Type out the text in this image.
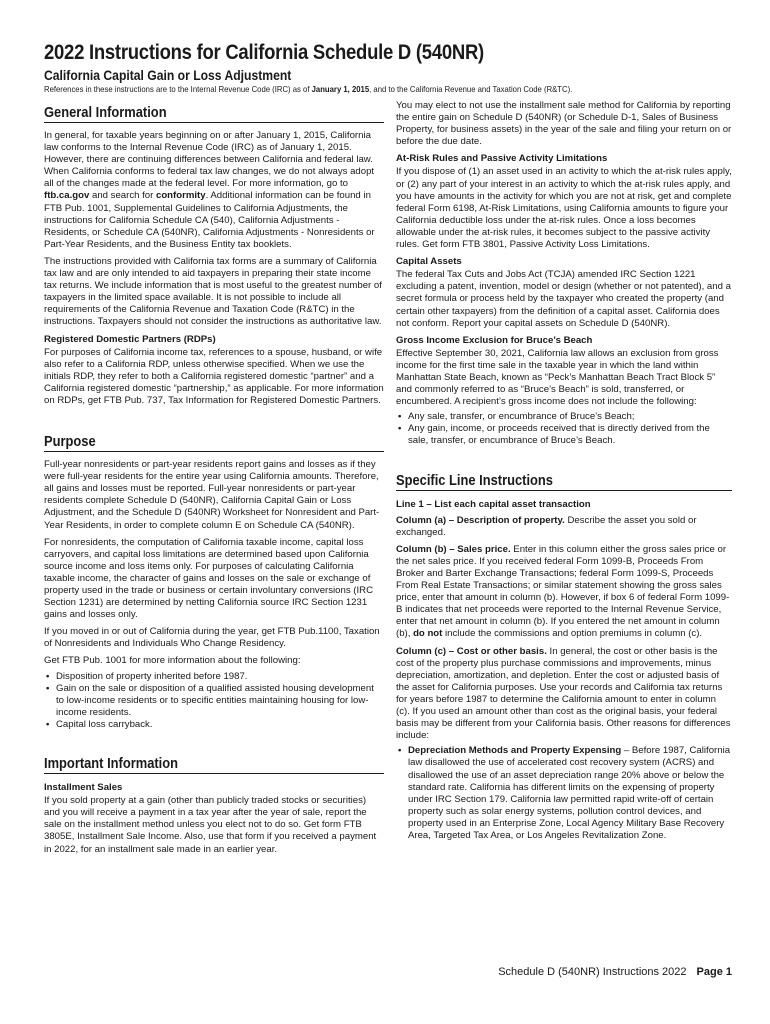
2022 Instructions for California Schedule D (540NR)
California Capital Gain or Loss Adjustment
References in these instructions are to the Internal Revenue Code (IRC) as of January 1, 2015, and to the California Revenue and Taxation Code (R&TC).
General Information

In general, for taxable years beginning on or after January 1, 2015, California law conforms to the Internal Revenue Code (IRC) as of January 1, 2015. However, there are continuing differences between California and federal law. When California conforms to federal tax law changes, we do not always adopt all of the changes made at the federal level. For more information, go to ftb.ca.gov and search for conformity. Additional information can be found in FTB Pub. 1001, Supplemental Guidelines to California Adjustments, the instructions for California Schedule CA (540), California Adjustments - Residents, or Schedule CA (540NR), California Adjustments - Nonresidents or Part-Year Residents, and the Business Entity tax booklets.

The instructions provided with California tax forms are a summary of California tax law and are only intended to aid taxpayers in preparing their state income tax returns. We include information that is most useful to the greatest number of taxpayers in the limited space available. It is not possible to include all requirements of the California Revenue and Taxation Code (R&TC) in the instructions. Taxpayers should not consider the instructions as authoritative law.

Registered Domestic Partners (RDPs)

For purposes of California income tax, references to a spouse, husband, or wife also refer to a California RDP, unless otherwise specified. When we use the initials RDP, they refer to both a California registered domestic “partner” and a California registered domestic “partnership,” as applicable. For more information on RDPs, get FTB Pub. 737, Tax Information for Registered Domestic Partners.

Purpose

Full-year nonresidents or part-year residents report gains and losses as if they were full-year residents for the entire year using California amounts. Therefore, all gains and losses must be reported. Full-year nonresidents or part-year residents complete Schedule D (540NR), California Capital Gain or Loss Adjustment, and the Schedule D (540NR) Worksheet for Nonresident and Part-Year Residents, in order to complete column E on Schedule CA (540NR).

For nonresidents, the computation of California taxable income, capital loss carryovers, and capital loss limitations are determined based upon California source income and loss items only. For purposes of calculating California taxable income, the character of gains and losses on the sale or exchange of property used in the trade or business or certain involuntary conversions (IRC Section 1231) are determined by netting California source IRC Section 1231 gains and losses only.

If you moved in or out of California during the year, get FTB Pub.1100, Taxation of Nonresidents and Individuals Who Change Residency.

Get FTB Pub. 1001 for more information about the following:

• Disposition of property inherited before 1987.
• Gain on the sale or disposition of a qualified assisted housing development to low-income residents or to specific entities maintaining housing for low-income residents.
• Capital loss carryback.
Important Information
Installment Sales

If you sold property at a gain (other than publicly traded stocks or securities) and you will receive a payment in a tax year after the year of sale, report the sale on the installment method unless you elect not to do so. Get form FTB 3805E, Installment Sale Income. Also, use that form if you received a payment in 2022, for an installment sale made in an earlier year.

You may elect to not use the installment sale method for California by reporting the entire gain on Schedule D (540NR) (or Schedule D-1, Sales of Business Property, for business assets) in the year of the sale and filing your return on or before the due date.

At-Risk Rules and Passive Activity Limitations

If you dispose of (1) an asset used in an activity to which the at-risk rules apply, or (2) any part of your interest in an activity to which the at-risk rules apply, and you have amounts in the activity for which you are not at risk, get and complete federal Form 6198, At-Risk Limitations, using California amounts to figure your California deductible loss under the at-risk rules. Once a loss becomes allowable under the at-risk rules, it becomes subject to the passive activity rules. Get form FTB 3801, Passive Activity Loss Limitations.

Capital Assets

The federal Tax Cuts and Jobs Act (TCJA) amended IRC Section 1221 excluding a patent, invention, model or design (whether or not patented), and a secret formula or process held by the taxpayer who created the property (and certain other taxpayers) from the definition of a capital asset. California does not conform. Report your capital assets on Schedule D (540NR).

Gross Income Exclusion for Bruce’s Beach

Effective September 30, 2021, California law allows an exclusion from gross income for the first time sale in the taxable year in which the land within Manhattan State Beach, known as “Peck’s Manhattan Beach Tract Block 5” and commonly referred to as “Bruce’s Beach” is sold, transferred, or encumbered. A recipient’s gross income does not include the following:

• Any sale, transfer, or encumbrance of Bruce’s Beach;
• Any gain, income, or proceeds received that is directly derived from the sale, transfer, or encumbrance of Bruce’s Beach.
Specific Line Instructions
Line 1 – List each capital asset transaction

Column (a) – Description of property. Describe the asset you sold or exchanged.

Column (b) – Sales price. Enter in this column either the gross sales price or the net sales price. If you received federal Form 1099-B, Proceeds From Broker and Barter Exchange Transactions; federal Form 1099-S, Proceeds From Real Estate Transactions; or similar statement showing the gross sales price, enter that amount in column (b). However, if box 6 of federal Form 1099-B indicates that net proceeds were reported to the Internal Revenue Service, enter that net amount in column (b). If you entered the net amount in column (b), do not include the commissions and option premiums in column (c).

Column (c) – Cost or other basis. In general, the cost or other basis is the cost of the property plus purchase commissions and improvements, minus depreciation, amortization, and depletion. Enter the cost or adjusted basis of the asset for California purposes. Use your records and California tax returns for years before 1987 to determine the California amount to enter in column (c). If you used an amount other than cost as the original basis, your federal basis may be different from your California basis. Other reasons for differences include:

• Depreciation Methods and Property Expensing – Before 1987, California law disallowed the use of accelerated cost recovery system (ACRS) and disallowed the use of an asset depreciation range 20% above or below the standard rate. California has different limits on the expensing of property under IRC Section 179. California law permitted rapid write-off of certain property such as solar energy systems, pollution control devices, and property used in an Enterprise Zone, Local Agency Military Base Recovery Area, Targeted Tax Area, or Los Angeles Revitalization Zone.
Schedule D (540NR) Instructions 2022 Page 1
